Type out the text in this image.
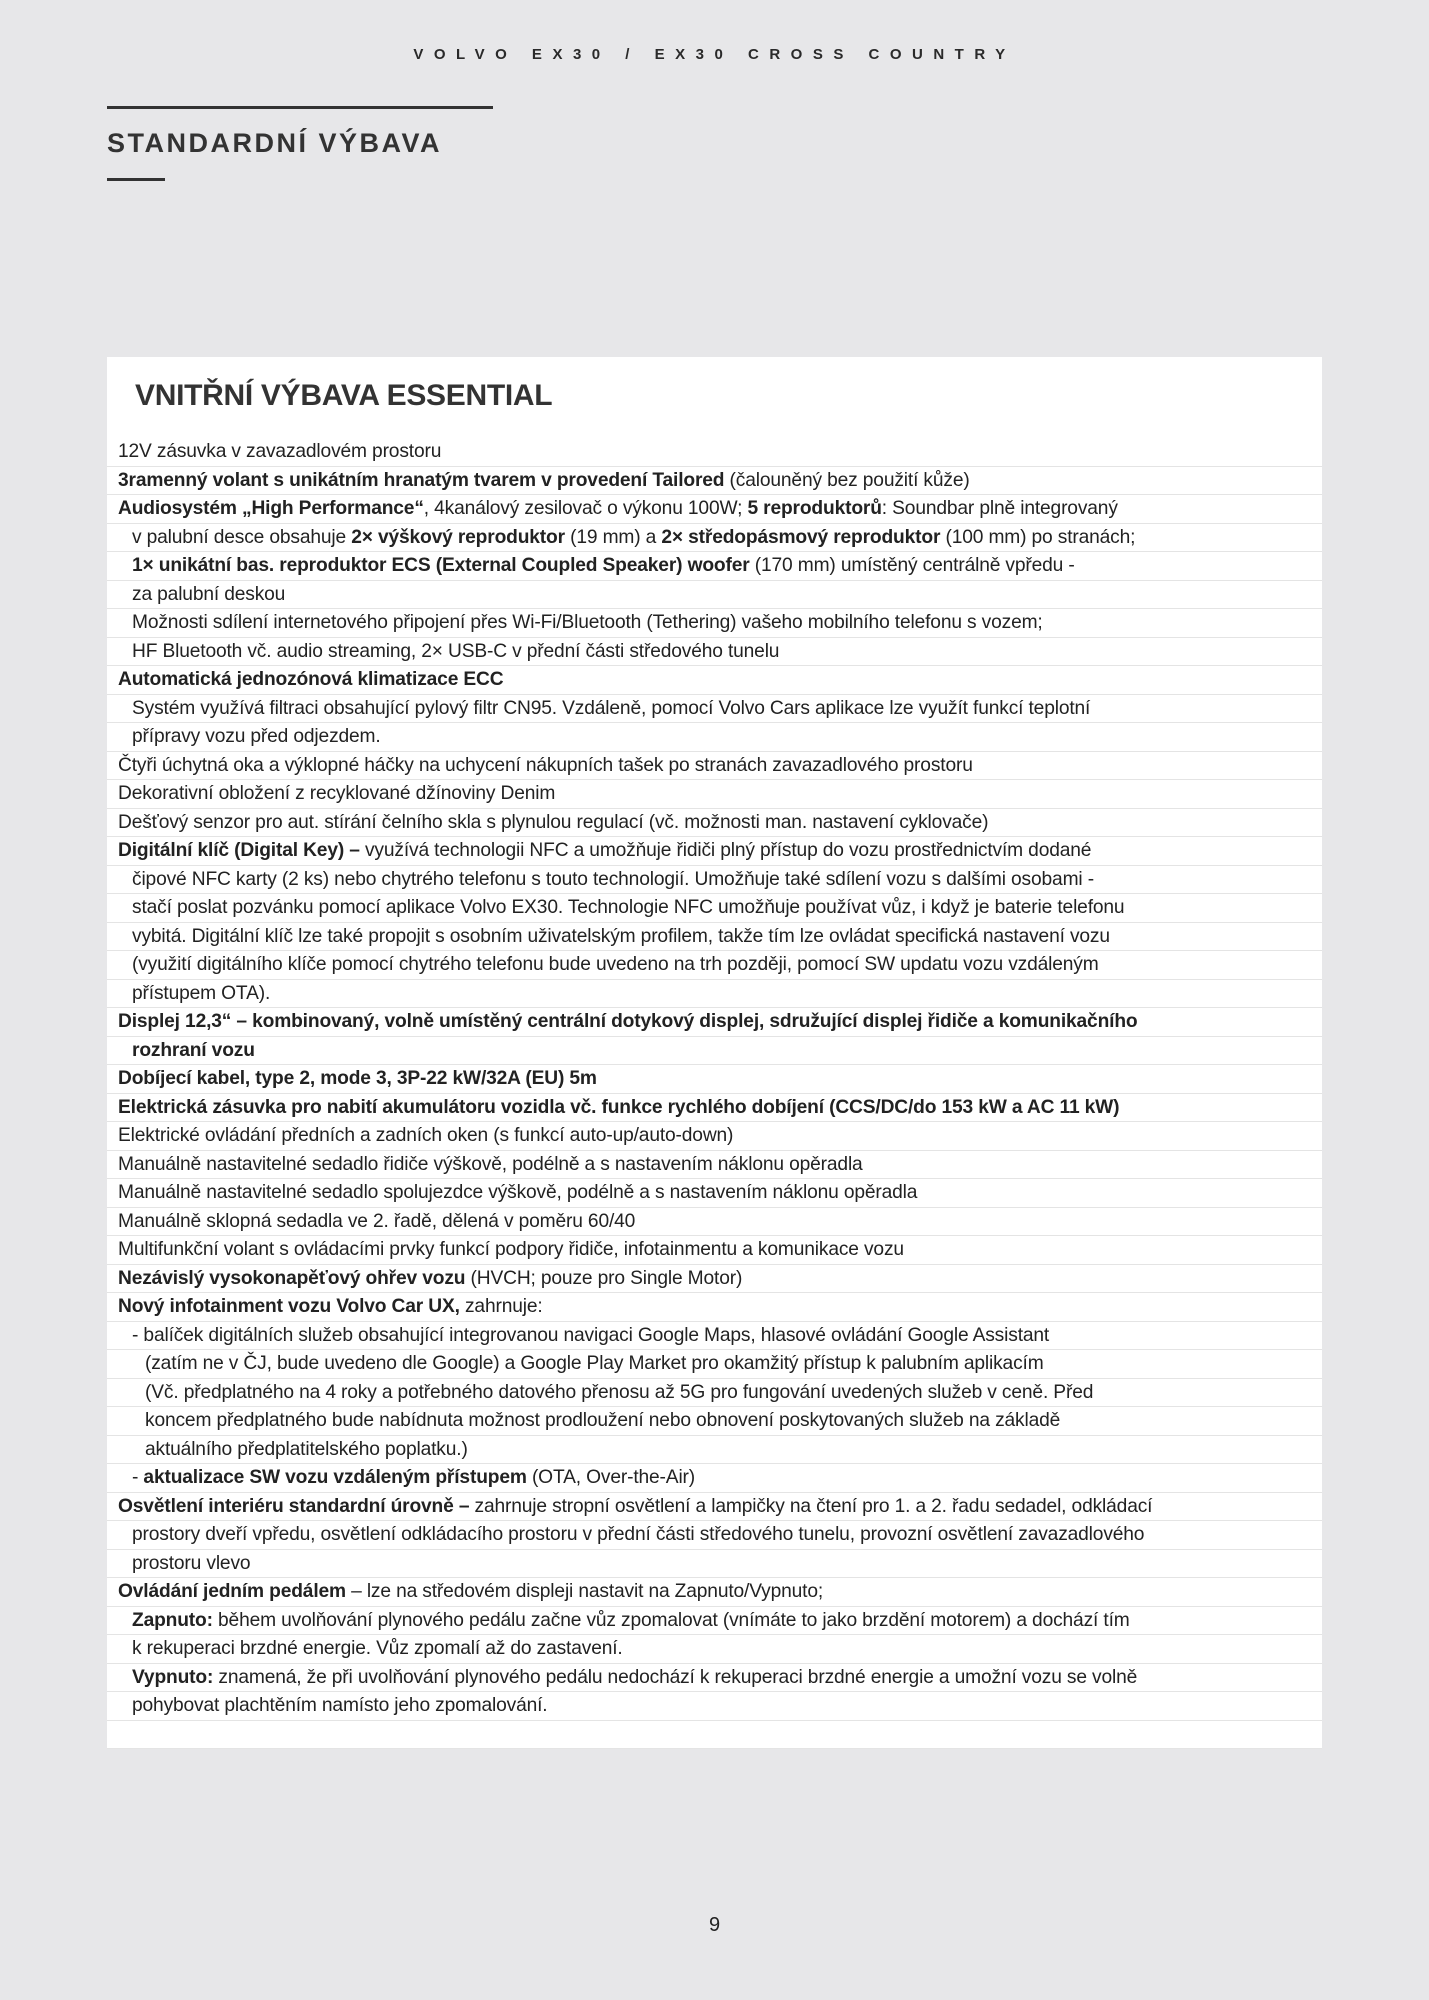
VOLVO EX30 / EX30 CROSS COUNTRY
STANDARDNÍ VÝBAVA
VNITŘNÍ VÝBAVA ESSENTIAL
12V zásuvka v zavazadlovém prostoru
3ramenný volant s unikátním hranatým tvarem v provedení Tailored (čalouněný bez použití kůže)
Audiosystém „High Performance“, 4kanálový zesilovač o výkonu 100W; 5 reproduktorů: Soundbar plně integrovaný
v palubní desce obsahuje 2× výškový reproduktor (19 mm) a 2× středopásmový reproduktor (100 mm) po stranách;
1× unikátní bas. reproduktor ECS (External Coupled Speaker) woofer (170 mm) umístěný centrálně vpředu -
za palubní deskou
Možnosti sdílení internetového připojení přes Wi-Fi/Bluetooth (Tethering) vašeho mobilního telefonu s vozem;
HF Bluetooth vč. audio streaming, 2× USB-C v přední části středového tunelu
Automatická jednozónová klimatizace ECC
Systém využívá filtraci obsahující pylový filtr CN95. Vzdáleně, pomocí Volvo Cars aplikace lze využít funkcí teplotní
přípravy vozu před odjezdem.
Čtyři úchytná oka a výklopné háčky na uchycení nákupních tašek po stranách zavazadlového prostoru
Dekorativní obložení z recyklované džínoviny Denim
Dešťový senzor pro aut. stírání čelního skla s plynulou regulací (vč. možnosti man. nastavení cyklovače)
Digitální klíč (Digital Key) – využívá technologii NFC a umožňuje řidiči plný přístup do vozu prostřednictvím dodané
čipové NFC karty (2 ks) nebo chytrého telefonu s touto technologií. Umožňuje také sdílení vozu s dalšími osobami -
stačí poslat pozvánku pomocí aplikace Volvo EX30. Technologie NFC umožňuje používat vůz, i když je baterie telefonu
vybitá. Digitální klíč lze také propojit s osobním uživatelským profilem, takže tím lze ovládat specifická nastavení vozu
(využití digitálního klíče pomocí chytrého telefonu bude uvedeno na trh později, pomocí SW updatu vozu vzdáleným
přístupem OTA).
Displej 12,3“ – kombinovaný, volně umístěný centrální dotykový displej, sdružující displej řidiče a komunikačního
rozhraní vozu
Dobíjecí kabel, type 2, mode 3, 3P-22 kW/32A (EU) 5m
Elektrická zásuvka pro nabití akumulátoru vozidla vč. funkce rychlého dobíjení (CCS/DC/do 153 kW a AC 11 kW)
Elektrické ovládání předních a zadních oken (s funkcí auto-up/auto-down)
Manuálně nastavitelné sedadlo řidiče výškově, podélně a s nastavením náklonu opěradla
Manuálně nastavitelné sedadlo spolujezdce výškově, podélně a s nastavením náklonu opěradla
Manuálně sklopná sedadla ve 2. řadě, dělená v poměru 60/40
Multifunkční volant s ovládacími prvky funkcí podpory řidiče, infotainmentu a komunikace vozu
Nezávislý vysokonapěťový ohřev vozu (HVCH; pouze pro Single Motor)
Nový infotainment vozu Volvo Car UX, zahrnuje:
- balíček digitálních služeb obsahující integrovanou navigaci Google Maps, hlasové ovládání Google Assistant
(zatím ne v ČJ, bude uvedeno dle Google) a Google Play Market pro okamžitý přístup k palubním aplikacím
(Vč. předplatného na 4 roky a potřebného datového přenosu až 5G pro fungování uvedených služeb v ceně. Před
koncem předplatného bude nabídnuta možnost prodloužení nebo obnovení poskytovaných služeb na základě
aktuálního předplatitelského poplatku.)
- aktualizace SW vozu vzdáleným přístupem (OTA, Over-the-Air)
Osvětlení interiéru standardní úrovně – zahrnuje stropní osvětlení a lampičky na čtení pro 1. a 2. řadu sedadel, odkládací
prostory dveří vpředu, osvětlení odkládacího prostoru v přední části středového tunelu, provozní osvětlení zavazadlového
prostoru vlevo
Ovládání jedním pedálem – lze na středovém displeji nastavit na Zapnuto/Vypnuto;
Zapnuto: během uvolňování plynového pedálu začne vůz zpomalovat (vnímáte to jako brzdění motorem) a dochází tím
k rekuperaci brzdné energie. Vůz zpomalí až do zastavení.
Vypnuto: znamená, že při uvolňování plynového pedálu nedochází k rekuperaci brzdné energie a umožní vozu se volně
pohybovat plachtěním namísto jeho zpomalování.
9
